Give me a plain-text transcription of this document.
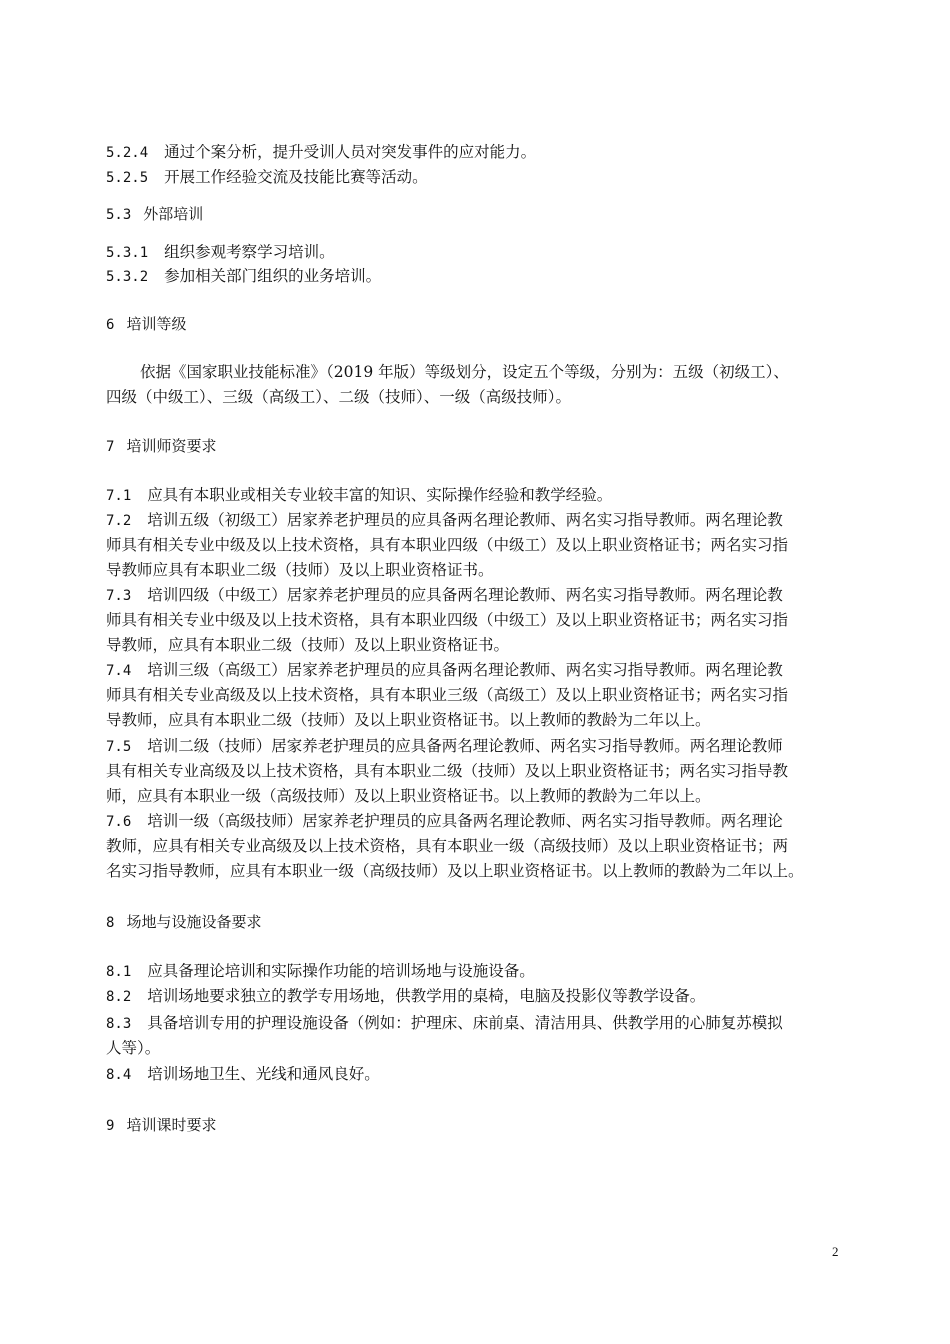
5.2.4 通过个案分析，提升受训人员对突发事件的应对能力。
5.2.5 开展工作经验交流及技能比赛等活动。
5.3 外部培训
5.3.1 组织参观考察学习培训。
5.3.2 参加相关部门组织的业务培训。
6 培训等级
依据《国家职业技能标准》（2019 年版）等级划分，设定五个等级，分别为：五级（初级工）、
四级（中级工）、三级（高级工）、二级（技师）、一级（高级技师）。
7 培训师资要求
7.1 应具有本职业或相关专业较丰富的知识、实际操作经验和教学经验。
7.2 培训五级（初级工）居家养老护理员的应具备两名理论教师、两名实习指导教师。两名理论教
师具有相关专业中级及以上技术资格，具有本职业四级（中级工）及以上职业资格证书；两名实习指
导教师应具有本职业二级（技师）及以上职业资格证书。
7.3 培训四级（中级工）居家养老护理员的应具备两名理论教师、两名实习指导教师。两名理论教
师具有相关专业中级及以上技术资格，具有本职业四级（中级工）及以上职业资格证书；两名实习指
导教师，应具有本职业二级（技师）及以上职业资格证书。
7.4 培训三级（高级工）居家养老护理员的应具备两名理论教师、两名实习指导教师。两名理论教
师具有相关专业高级及以上技术资格，具有本职业三级（高级工）及以上职业资格证书；两名实习指
导教师，应具有本职业二级（技师）及以上职业资格证书。以上教师的教龄为二年以上。
7.5 培训二级（技师）居家养老护理员的应具备两名理论教师、两名实习指导教师。两名理论教师
具有相关专业高级及以上技术资格，具有本职业二级（技师）及以上职业资格证书；两名实习指导教
师，应具有本职业一级（高级技师）及以上职业资格证书。以上教师的教龄为二年以上。
7.6 培训一级（高级技师）居家养老护理员的应具备两名理论教师、两名实习指导教师。两名理论
教师，应具有相关专业高级及以上技术资格，具有本职业一级（高级技师）及以上职业资格证书；两
名实习指导教师，应具有本职业一级（高级技师）及以上职业资格证书。以上教师的教龄为二年以上。
8 场地与设施设备要求
8.1 应具备理论培训和实际操作功能的培训场地与设施设备。
8.2 培训场地要求独立的教学专用场地，供教学用的桌椅，电脑及投影仪等教学设备。
8.3 具备培训专用的护理设施设备（例如：护理床、床前桌、清洁用具、供教学用的心肺复苏模拟
人等）。
8.4 培训场地卫生、光线和通风良好。
9 培训课时要求
2
